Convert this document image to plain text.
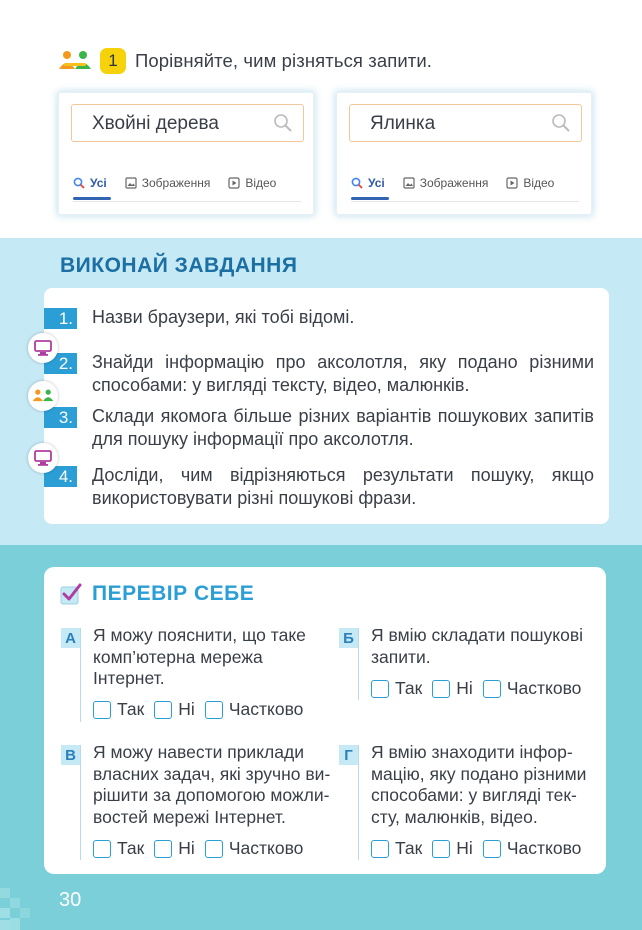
1 Порівняйте, чим різняться запити.
Хвойні дерева
Усі	Зображення	Відео
Ялинка
Усі	Зображення	Відео
ВИКОНАЙ ЗАВДАННЯ
1. Назви браузери, які тобі відомі.
2. Знайди інформацію про аксолотля, яку подано різними способами: у вигляді тексту, відео, малюнків.
3. Склади якомога більше різних варіантів пошукових запитів для пошуку інформації про аксолотля.
4. Досліди, чим відрізняються результати пошуку, якщо використовувати різні пошукові фрази.
ПЕРЕВІР СЕБЕ
А Я можу пояснити, що таке
комп’ютерна мережа
Інтернет.
Так Ні Частково
Б Я вмію складати пошукові
запити.
Так Ні Частково
В Я можу навести приклади
власних задач, які зручно ви-
рішити за допомогою можли-
востей мережі Інтернет.
Так Ні Частково
Г	Я вмію знаходити інфор-
мацію, яку подано різними
способами: у вигляді тек-
сту, малюнків, відео.
Так Ні Частково
30
